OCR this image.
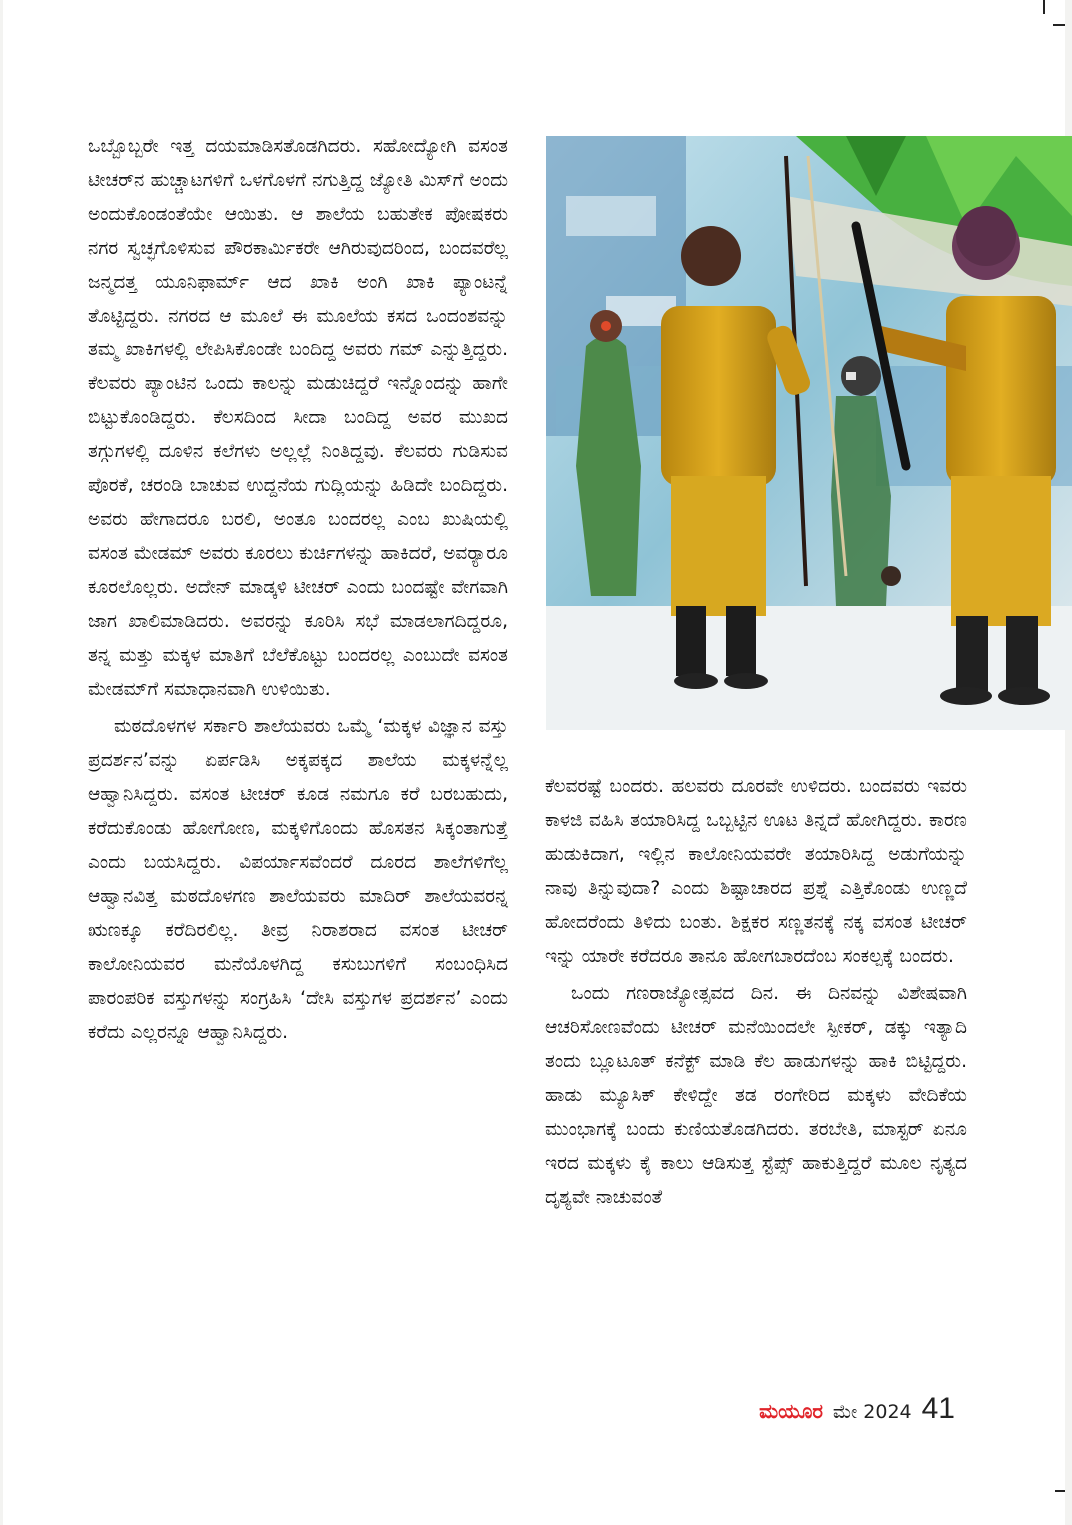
ಒಬ್ಬೊಬ್ಬರೇ ಇತ್ತ ದಯಮಾಡಿಸತೊಡಗಿದರು. ಸಹೋದ್ಯೋಗಿ ವಸಂತ ಟೀಚರ್‌ನ ಹುಚ್ಚಾಟಗಳಿಗೆ ಒಳಗೊಳಗೆ ನಗುತ್ತಿದ್ದ ಜ್ಯೋತಿ ಮಿಸ್‌ಗೆ ಅಂದು ಅಂದುಕೊಂಡಂತೆಯೇ ಆಯಿತು. ಆ ಶಾಲೆಯ ಬಹುತೇಕ ಪೋಷಕರು ನಗರ ಸ್ವಚ್ಛಗೊಳಿಸುವ ಪೌರಕಾರ್ಮಿಕರೇ ಆಗಿರುವುದರಿಂದ, ಬಂದವರೆಲ್ಲ ಜನ್ಮದತ್ತ ಯೂನಿಫಾರ್ಮ್ ಆದ ಖಾಕಿ ಅಂಗಿ ಖಾಕಿ ಪ್ಯಾಂಟನ್ನೆ ತೊಟ್ಟಿದ್ದರು. ನಗರದ ಆ ಮೂಲೆ ಈ ಮೂಲೆಯ ಕಸದ ಒಂದಂಶವನ್ನು ತಮ್ಮ ಖಾಕಿಗಳಲ್ಲಿ ಲೇಪಿಸಿಕೊಂಡೇ ಬಂದಿದ್ದ ಅವರು ಗಮ್ ಎನ್ನುತ್ತಿದ್ದರು. ಕೆಲವರು ಪ್ಯಾಂಟಿನ ಒಂದು ಕಾಲನ್ನು ಮಡುಚಿದ್ದರೆ ಇನ್ನೊಂದನ್ನು ಹಾಗೇ ಬಿಟ್ಟುಕೊಂಡಿದ್ದರು. ಕೆಲಸದಿಂದ ಸೀದಾ ಬಂದಿದ್ದ ಅವರ ಮುಖದ ತಗ್ಗುಗಳಲ್ಲಿ ದೂಳಿನ ಕಲೆಗಳು ಅಲ್ಲಲ್ಲೆ ನಿಂತಿದ್ದವು. ಕೆಲವರು ಗುಡಿಸುವ ಪೊರಕೆ, ಚರಂಡಿ ಬಾಚುವ ಉದ್ದನೆಯ ಗುದ್ಲಿಯನ್ನು ಹಿಡಿದೇ ಬಂದಿದ್ದರು. ಅವರು ಹೇಗಾದರೂ ಬರಲಿ, ಅಂತೂ ಬಂದರಲ್ಲ ಎಂಬ ಖುಷಿಯಲ್ಲಿ ವಸಂತ ಮೇಡಮ್ ಅವರು ಕೂರಲು ಕುರ್ಚಿಗಳನ್ನು ಹಾಕಿದರೆ, ಅವರ್‍ಯಾರೂ ಕೂರಲೊಲ್ಲರು. ಅದೇನ್ ಮಾಡ್ಕಳಿ ಟೀಚರ್ ಎಂದು ಬಂದಷ್ಟೇ ವೇಗವಾಗಿ ಜಾಗ ಖಾಲಿಮಾಡಿದರು. ಅವರನ್ನು ಕೂರಿಸಿ ಸಭೆ ಮಾಡಲಾಗದಿದ್ದರೂ, ತನ್ನ ಮತ್ತು ಮಕ್ಕಳ ಮಾತಿಗೆ ಬೆಲೆಕೊಟ್ಟು ಬಂದರಲ್ಲ ಎಂಬುದೇ ವಸಂತ ಮೇಡಮ್‌ಗೆ ಸಮಾಧಾನವಾಗಿ ಉಳಿಯಿತು.

ಮಠದೊಳಗಳ ಸರ್ಕಾರಿ ಶಾಲೆಯವರು ಒಮ್ಮೆ ‘ಮಕ್ಕಳ ವಿಜ್ಞಾನ ವಸ್ತು ಪ್ರದರ್ಶನ’ವನ್ನು ಏರ್ಪಡಿಸಿ ಅಕ್ಕಪಕ್ಕದ ಶಾಲೆಯ ಮಕ್ಕಳನ್ನೆಲ್ಲ ಆಹ್ವಾನಿಸಿದ್ದರು. ವಸಂತ ಟೀಚರ್ ಕೂಡ ನಮಗೂ ಕರೆ ಬರಬಹುದು, ಕರೆದುಕೊಂಡು ಹೋಗೋಣ, ಮಕ್ಕಳಿಗೊಂದು ಹೊಸತನ ಸಿಕ್ಕಂತಾಗುತ್ತೆ ಎಂದು ಬಯಸಿದ್ದರು. ವಿಪರ್ಯಾಸವೆಂದರೆ ದೂರದ ಶಾಲೆಗಳಿಗೆಲ್ಲ ಆಹ್ವಾನವಿತ್ತ ಮಠದೊಳಗಣ ಶಾಲೆಯವರು ಮಾದಿರ್ ಶಾಲೆಯವರನ್ನ ಋಣಕ್ಕೂ ಕರೆದಿರಲಿಲ್ಲ. ತೀವ್ರ ನಿರಾಶರಾದ ವಸಂತ ಟೀಚರ್ ಕಾಲೋನಿಯವರ ಮನೆಯೊಳಗಿದ್ದ ಕಸುಬುಗಳಿಗೆ ಸಂಬಂಧಿಸಿದ ಪಾರಂಪರಿಕ ವಸ್ತುಗಳನ್ನು ಸಂಗ್ರಹಿಸಿ ‘ದೇಸಿ ವಸ್ತುಗಳ ಪ್ರದರ್ಶನ’ ಎಂದು ಕರೆದು ಎಲ್ಲರನ್ನೂ ಆಹ್ವಾನಿಸಿದ್ದರು.

ಕೆಲವರಷ್ಟೆ ಬಂದರು. ಹಲವರು ದೂರವೇ ಉಳಿದರು. ಬಂದವರು ಇವರು ಕಾಳಜಿ ವಹಿಸಿ ತಯಾರಿಸಿದ್ದ ಒಬ್ಬಟ್ಟಿನ ಊಟ ತಿನ್ನದೆ ಹೋಗಿದ್ದರು. ಕಾರಣ ಹುಡುಕಿದಾಗ, ಇಲ್ಲಿನ ಕಾಲೋನಿಯವರೇ ತಯಾರಿಸಿದ್ದ ಅಡುಗೆಯನ್ನು ನಾವು ತಿನ್ನುವುದಾ? ಎಂದು ಶಿಷ್ಟಾಚಾರದ ಪ್ರಶ್ನೆ ಎತ್ತಿಕೊಂಡು ಉಣ್ಣದೆ ಹೋದರೆಂದು ತಿಳಿದು ಬಂತು. ಶಿಕ್ಷಕರ ಸಣ್ಣತನಕ್ಕೆ ನಕ್ಕ ವಸಂತ ಟೀಚರ್ ಇನ್ನು ಯಾರೇ ಕರೆದರೂ ತಾನೂ ಹೋಗಬಾರದೆಂಬ ಸಂಕಲ್ಪಕ್ಕೆ ಬಂದರು.

ಒಂದು ಗಣರಾಜ್ಯೋತ್ಸವದ ದಿನ. ಈ ದಿನವನ್ನು ವಿಶೇಷವಾಗಿ ಆಚರಿಸೋಣವೆಂದು ಟೀಚರ್ ಮನೆಯಿಂದಲೇ ಸ್ಪೀಕರ್, ಡಕ್ಕು ಇತ್ಯಾದಿ ತಂದು ಬ್ಲೂಟೂತ್ ಕನೆಕ್ಟ್ ಮಾಡಿ ಕೆಲ ಹಾಡುಗಳನ್ನು ಹಾಕಿ ಬಿಟ್ಟಿದ್ದರು. ಹಾಡು ಮ್ಯೂಸಿಕ್ ಕೇಳಿದ್ದೇ ತಡ ರಂಗೇರಿದ ಮಕ್ಕಳು ವೇದಿಕೆಯ ಮುಂಭಾಗಕ್ಕೆ ಬಂದು ಕುಣಿಯತೊಡಗಿದರು. ತರಬೇತಿ, ಮಾಸ್ಟರ್ ಏನೂ ಇರದ ಮಕ್ಕಳು ಕೈ ಕಾಲು ಆಡಿಸುತ್ತ ಸ್ಟೆಪ್ಸ್ ಹಾಕುತ್ತಿದ್ದರೆ ಮೂಲ ನೃತ್ಯದ ದೃಶ್ಯವೇ ನಾಚುವಂತೆ

ಮಯೂರ ಮೇ 2024 41
